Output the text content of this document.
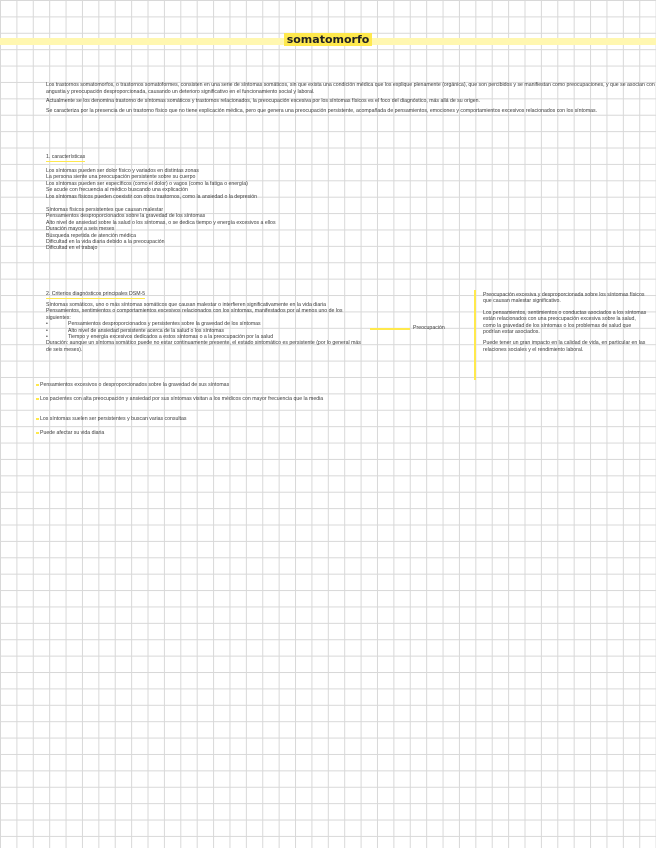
somatomorfo

Los trastornos somatomorfos, o trastornos somatoformes, consisten en una serie de síntomas somáticos, sin que exista una condición médica que los explique plenamente (orgánica), que son percibidos y se manifiestan como preocupaciones, y que se asocian con angustia y preocupación desproporcionada, causando un deterioro significativo en el funcionamiento social y laboral.

Actualmente se los denomina trastorno de síntomas somáticos y trastornos relacionados, la preocupación excesiva por los síntomas físicos es el foco del diagnóstico, más allá de su origen.

Se caracteriza por la presencia de un trastorno físico que no tiene explicación médica, pero que genera una preocupación persistente, acompañada de pensamientos, emociones y comportamientos excesivos relacionados con los síntomas.

1. características

Los síntomas pueden ser dolor físico y variados en distintas zonas

La persona siente una preocupación persistente sobre su cuerpo

Los síntomas pueden ser específicos (como el dolor) o vagos (como la fatiga o energía)

Se acude con frecuencia al médico buscando una explicación

Los síntomas físicos pueden coexistir con otros trastornos, como la ansiedad o la depresión

Síntomas físicos persistentes que causan malestar

Pensamientos desproporcionados sobre la gravedad de los síntomas

Alto nivel de ansiedad sobre la salud o los síntomas, o se dedica tiempo y energía excesivos a ellos

Duración mayor a seis meses

Búsqueda repetida de atención médica

Dificultad en la vida diaria debido a la preocupación

Dificultad en el trabajo

2. Criterios diagnósticos principales DSM-5

Síntomas somáticos, uno o más síntomas somáticos que causan malestar o interfieren significativamente en la vida diaria

Pensamientos, sentimientos o comportamientos excesivos relacionados con los síntomas, manifestados por al menos uno de los siguientes:

• Pensamientos desproporcionados y persistentes sobre la gravedad de los síntomas

• Alto nivel de ansiedad persistente acerca de la salud o los síntomas

• Tiempo y energía excesivos dedicados a estos síntomas o a la preocupación por la salud

Duración: aunque un síntoma somático puede no estar continuamente presente, el estado sintomático es persistente (por lo general más de seis meses).

Pensamientos excesivos o desproporcionados sobre la gravedad de sus síntomas
Los pacientes con alta preocupación y ansiedad por sus síntomas visitan a los médicos con mayor frecuencia que la media
Los síntomas suelen ser persistentes y buscan varias consultas
Puede afectar su vida diaria
Preocupación

Preocupación excesiva y desproporcionada sobre los síntomas físicos que causan malestar significativo.

Los pensamientos, sentimientos o conductas asociados a los síntomas están relacionados con una preocupación excesiva sobre la salud, como la gravedad de los síntomas o los problemas de salud que podrían estar asociados.

Puede tener un gran impacto en la calidad de vida, en particular en las relaciones sociales y el rendimiento laboral.
